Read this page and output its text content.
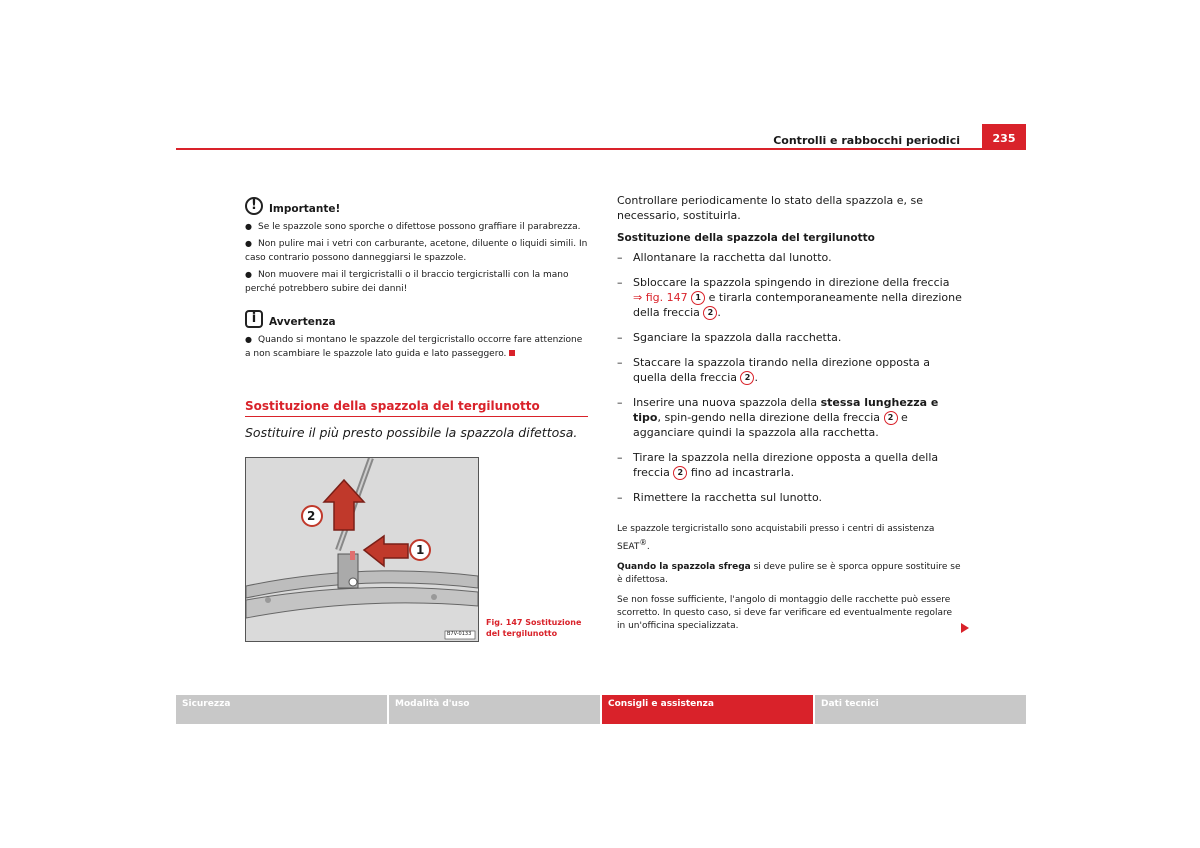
Controlli e rabbocchi periodici	235
!	Importante!

● Se le spazzole sono sporche o difettose possono graffiare il parabrezza.

● Non pulire mai i vetri con carburante, acetone, diluente o liquidi simili. In caso contrario possono danneggiarsi le spazzole.

● Non muovere mai il tergicristalli o il braccio tergicristalli con la mano perché potrebbero subire dei danni!

i	Avvertenza

● Quando si montano le spazzole del tergicristallo occorre fare attenzione a non scambiare le spazzole lato guida e lato passeggero.

Sostituzione della spazzola del tergilunotto
Sostituire il più presto possibile la spazzola difettosa.
2
1
B7V-0133
Fig. 147 Sostituzione del tergilunotto

Controllare periodicamente lo stato della spazzola e, se necessario, sostituirla.

Sostituzione della spazzola del tergilunotto

– Allontanare la racchetta dal lunotto.

– Sbloccare la spazzola spingendo in direzione della freccia ⇒ fig. 147 1 e tirarla contemporaneamente nella direzione della freccia 2 .

– Sganciare la spazzola dalla racchetta.

– Staccare la spazzola tirando nella direzione opposta a quella della freccia 2 .

– Inserire una nuova spazzola della stessa lunghezza e tipo, spin-gendo nella direzione della freccia 2 e agganciare quindi la spazzola alla racchetta.

– Tirare la spazzola nella direzione opposta a quella della freccia 2 fino ad incastrarla.

– Rimettere la racchetta sul lunotto.

Le spazzole tergicristallo sono acquistabili presso i centri di assistenza SEAT®.

Quando la spazzola sfrega si deve pulire se è sporca oppure sostituire se è difettosa.

Se non fosse sufficiente, l'angolo di montaggio delle racchette può essere scorretto. In questo caso, si deve far verificare ed eventualmente regolare in un'officina specializzata.

Sicurezza	Modalità d'uso	Consigli e assistenza	Dati tecnici
